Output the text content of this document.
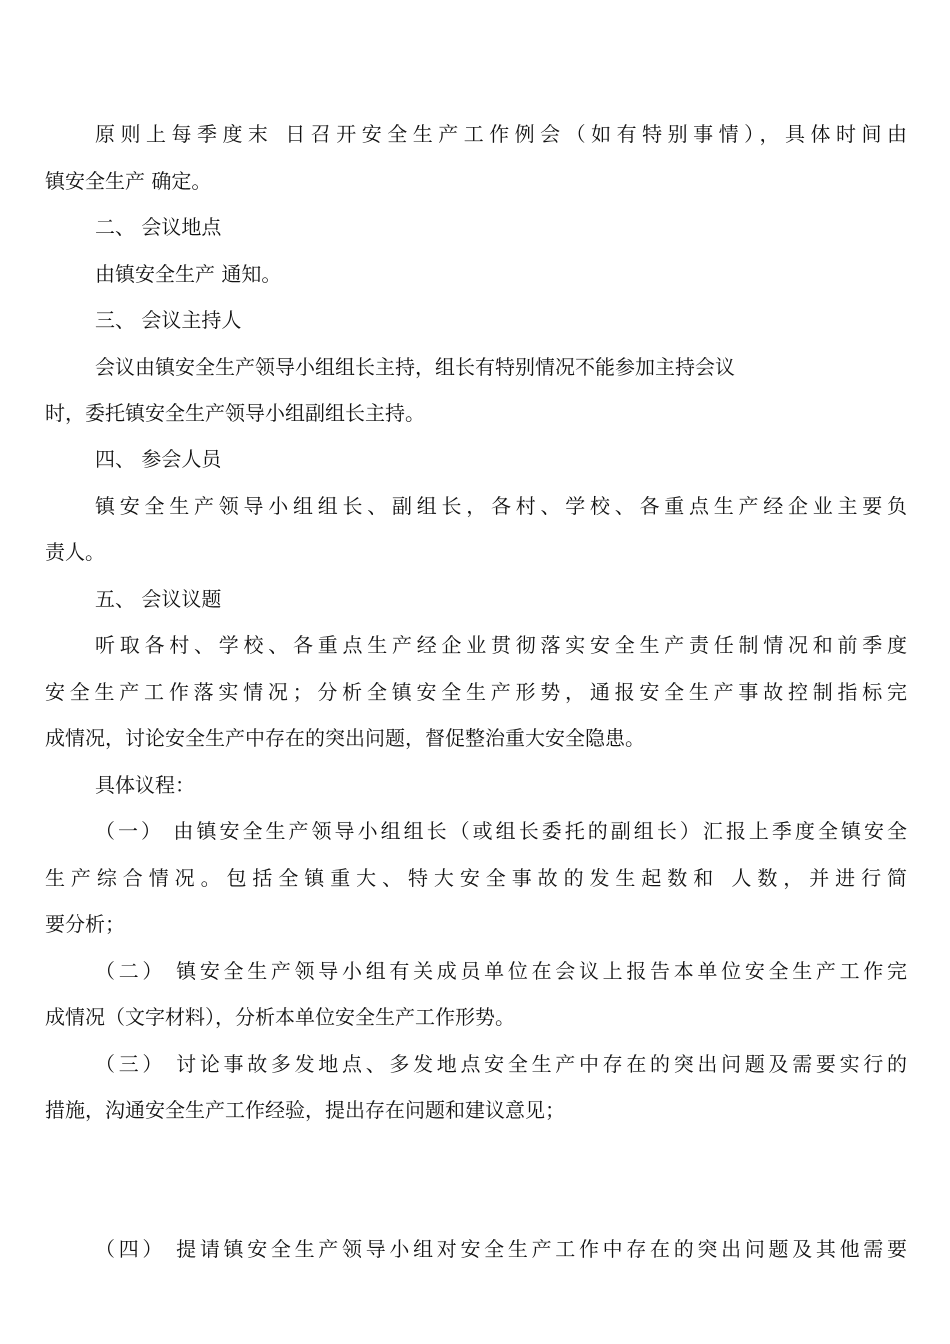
原则上每季度末 日召开安全生产工作例会（如有特别事情），具体时间由
镇安全生产 确定。
二、 会议地点
由镇安全生产 通知。
三、 会议主持人
会议由镇安全生产领导小组组长主持，组长有特别情况不能参加主持会议
时，委托镇安全生产领导小组副组长主持。
四、 参会人员
镇安全生产领导小组组长、副组长，各村、学校、各重点生产经企业主要负
责人。
五、 会议议题
听取各村、学校、各重点生产经企业贯彻落实安全生产责任制情况和前季度
安全生产工作落实情况；分析全镇安全生产形势，通报安全生产事故控制指标完
成情况，讨论安全生产中存在的突出问题，督促整治重大安全隐患。
具体议程：
（一） 由镇安全生产领导小组组长（或组长委托的副组长）汇报上季度全镇安全
生产综合情况。包括全镇重大、特大安全事故的发生起数和 人数，并进行简
要分析；
（二） 镇安全生产领导小组有关成员单位在会议上报告本单位安全生产工作完
成情况（文字材料），分析本单位安全生产工作形势。
（三） 讨论事故多发地点、多发地点安全生产中存在的突出问题及需要实行的
措施，沟通安全生产工作经验，提出存在问题和建议意见；
（四） 提请镇安全生产领导小组对安全生产工作中存在的突出问题及其他需要
